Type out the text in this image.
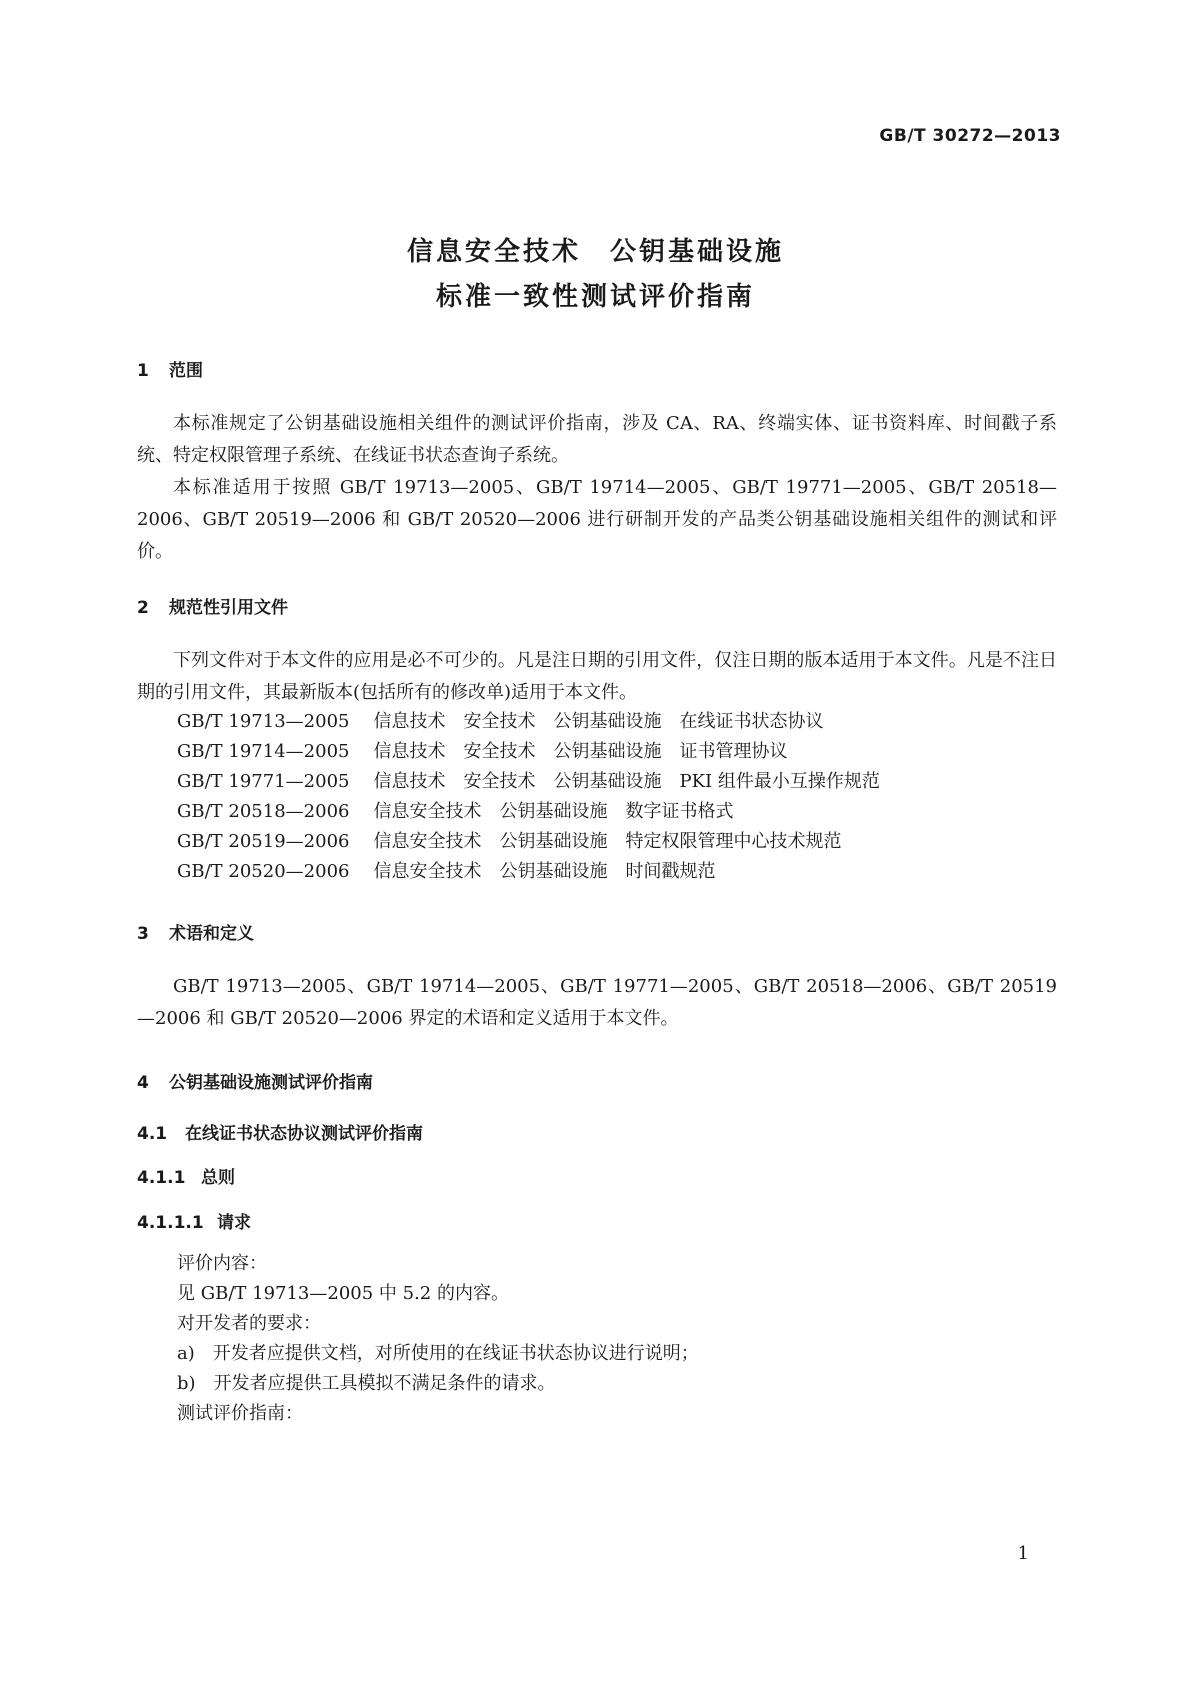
GB/T 30272—2013
信息安全技术　公钥基础设施
标准一致性测试评价指南
1 范围

本标准规定了公钥基础设施相关组件的测试评价指南，涉及 CA、RA、终端实体、证书资料库、时间戳子系统、特定权限管理子系统、在线证书状态查询子系统。

本标准适用于按照 GB/T 19713—2005、GB/T 19714—2005、GB/T 19771—2005、GB/T 20518—2006、GB/T 20519—2006 和 GB/T 20520—2006 进行研制开发的产品类公钥基础设施相关组件的测试和评价。

2 规范性引用文件

下列文件对于本文件的应用是必不可少的。凡是注日期的引用文件，仅注日期的版本适用于本文件。凡是不注日期的引用文件，其最新版本(包括所有的修改单)适用于本文件。

GB/T 19713—2005 信息技术　安全技术　公钥基础设施　在线证书状态协议
GB/T 19714—2005 信息技术　安全技术　公钥基础设施　证书管理协议
GB/T 19771—2005 信息技术　安全技术　公钥基础设施　PKI 组件最小互操作规范
GB/T 20518—2006 信息安全技术　公钥基础设施　数字证书格式
GB/T 20519—2006 信息安全技术　公钥基础设施　特定权限管理中心技术规范
GB/T 20520—2006 信息安全技术　公钥基础设施　时间戳规范
3 术语和定义

GB/T 19713—2005、GB/T 19714—2005、GB/T 19771—2005、GB/T 20518—2006、GB/T 20519—2006 和 GB/T 20520—2006 界定的术语和定义适用于本文件。

4 公钥基础设施测试评价指南
4.1 在线证书状态协议测试评价指南
4.1.1 总则
4.1.1.1 请求
评价内容：
见 GB/T 19713—2005 中 5.2 的内容。
对开发者的要求：
a)　开发者应提供文档，对所使用的在线证书状态协议进行说明；
b)　开发者应提供工具模拟不满足条件的请求。
测试评价指南：
1
